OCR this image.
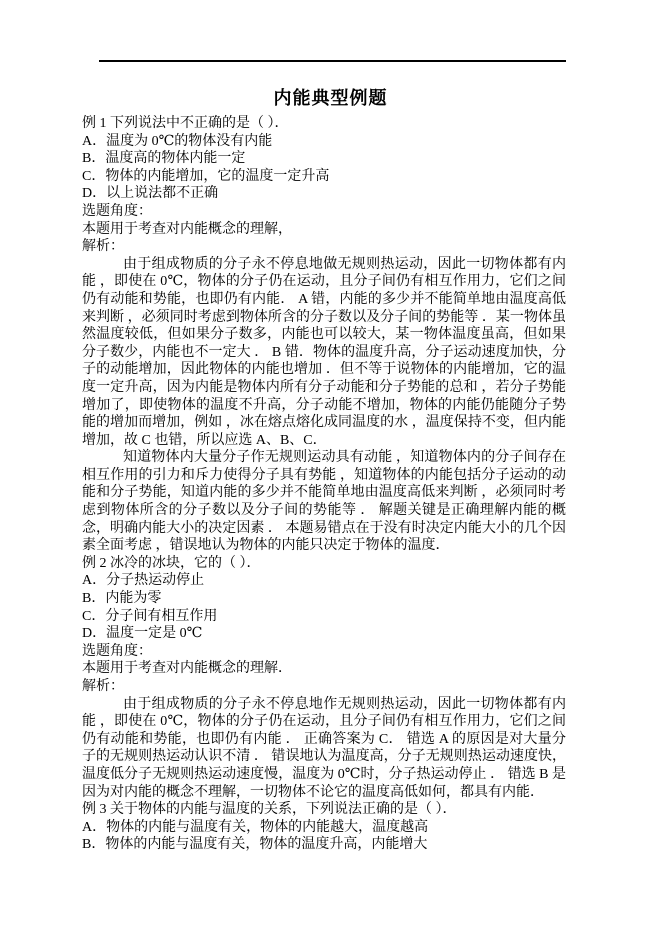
内能典型例题

例 1 下列说法中不正确的是（ ）．

A．温度为 0℃的物体没有内能

B．温度高的物体内能一定

C．物体的内能增加，它的温度一定升高

D．以上说法都不正确

选题角度：

本题用于考查对内能概念的理解，

解析：

由于组成物质的分子永不停息地做无规则热运动，因此一切物体都有内能 ，即使在 0℃，物体的分子仍在运动，且分子间仍有相互作用力，它们之间仍有动能和势能，也即仍有内能． A 错，内能的多少并不能简单地由温度高低来判断 ，必须同时考虑到物体所含的分子数以及分子间的势能等 ．某一物体虽然温度较低，但如果分子数多，内能也可以较大，某一物体温度虽高，但如果分子数少，内能也不一定大 ． B 错．物体的温度升高，分子运动速度加快，分子的动能增加，因此物体的内能也增加 ．但不等于说物体的内能增加，它的温度一定升高，因为内能是物体内所有分子动能和分子势能的总和 ，若分子势能增加了，即使物体的温度不升高，分子动能不增加，物体的内能仍能随分子势能的增加而增加，例如 ，冰在熔点熔化成同温度的水 ，温度保持不变，但内能增加，故 C 也错，所以应选 A、B、C．

知道物体内大量分子作无规则运动具有动能 ，知道物体内的分子间存在相互作用的引力和斥力使得分子具有势能 ，知道物体的内能包括分子运动的动能和分子势能，知道内能的多少并不能简单地由温度高低来判断 ，必须同时考虑到物体所含的分子数以及分子间的势能等 ． 解题关键是正确理解内能的概念，明确内能大小的决定因素 ． 本题易错点在于没有时决定内能大小的几个因素全面考虑 ，错误地认为物体的内能只决定于物体的温度．

例 2 冰冷的冰块，它的（ ）．

A．分子热运动停止

B．内能为零

C．分子间有相互作用

D．温度一定是 0℃

选题角度：

本题用于考查对内能概念的理解．

解析：

由于组成物质的分子永不停息地作无规则热运动，因此一切物体都有内能 ，即使在 0℃，物体的分子仍在运动，且分子间仍有相互作用力，它们之间仍有动能和势能，也即仍有内能 ． 正确答案为 C． 错选 A 的原因是对大量分子的无规则热运动认识不清 ． 错误地认为温度高，分子无规则热运动速度快，温度低分子无规则热运动速度慢，温度为 0℃时，分子热运动停止 ． 错选 B 是因为对内能的概念不理解，一切物体不论它的温度高低如何，都具有内能．

例 3 关于物体的内能与温度的关系，下列说法正确的是（ ）．

A．物体的内能与温度有关，物体的内能越大，温度越高

B．物体的内能与温度有关，物体的温度升高，内能增大
